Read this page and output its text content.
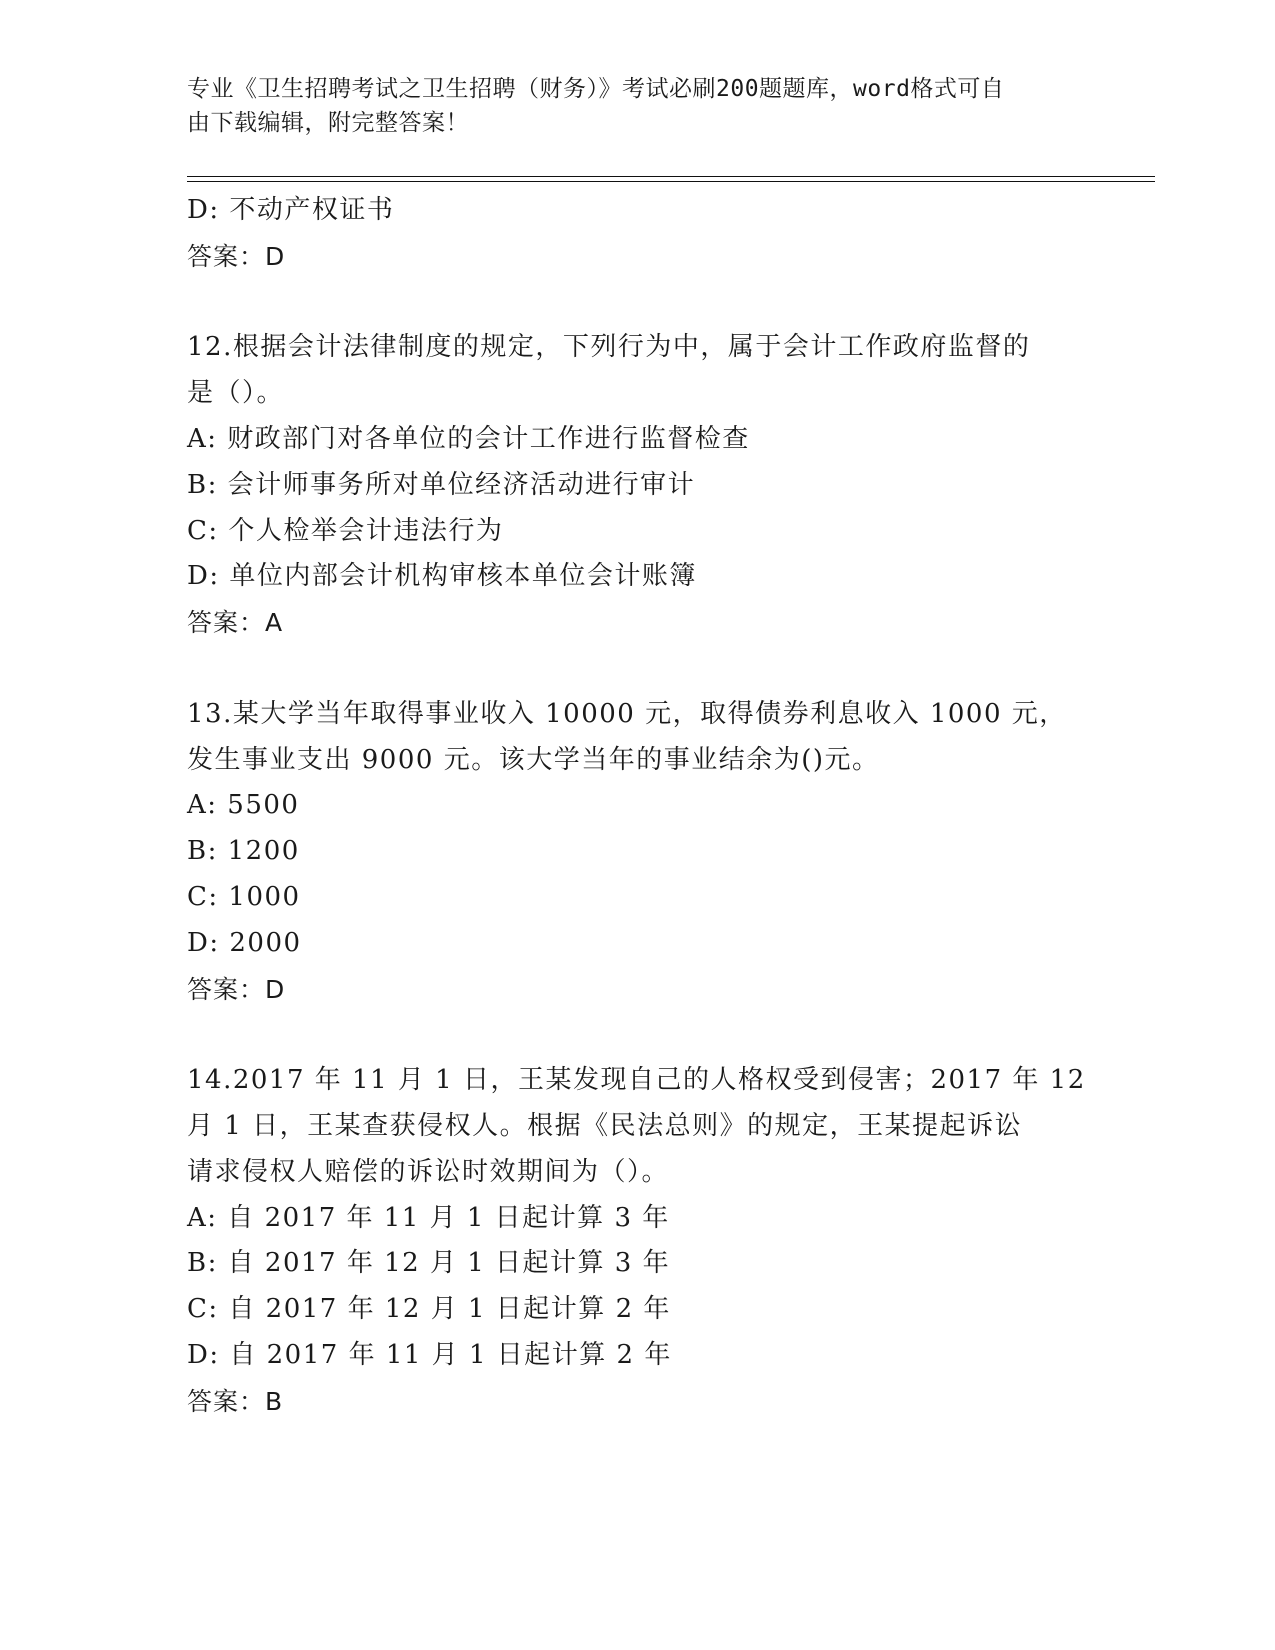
专业《卫生招聘考试之卫生招聘（财务）》考试必刷200题题库，word格式可自
由下载编辑，附完整答案！
D: 不动产权证书
答案：D
12.根据会计法律制度的规定，下列行为中，属于会计工作政府监督的
是（）。
A: 财政部门对各单位的会计工作进行监督检查
B: 会计师事务所对单位经济活动进行审计
C: 个人检举会计违法行为
D: 单位内部会计机构审核本单位会计账簿
答案：A
13.某大学当年取得事业收入 10000 元，取得债券利息收入 1000 元，
发生事业支出 9000 元。该大学当年的事业结余为()元。
A: 5500
B: 1200
C: 1000
D: 2000
答案：D
14.2017 年 11 月 1 日，王某发现自己的人格权受到侵害；2017 年 12
月 1 日，王某查获侵权人。根据《民法总则》的规定，王某提起诉讼
请求侵权人赔偿的诉讼时效期间为（）。
A: 自 2017 年 11 月 1 日起计算 3 年
B: 自 2017 年 12 月 1 日起计算 3 年
C: 自 2017 年 12 月 1 日起计算 2 年
D: 自 2017 年 11 月 1 日起计算 2 年
答案：B
